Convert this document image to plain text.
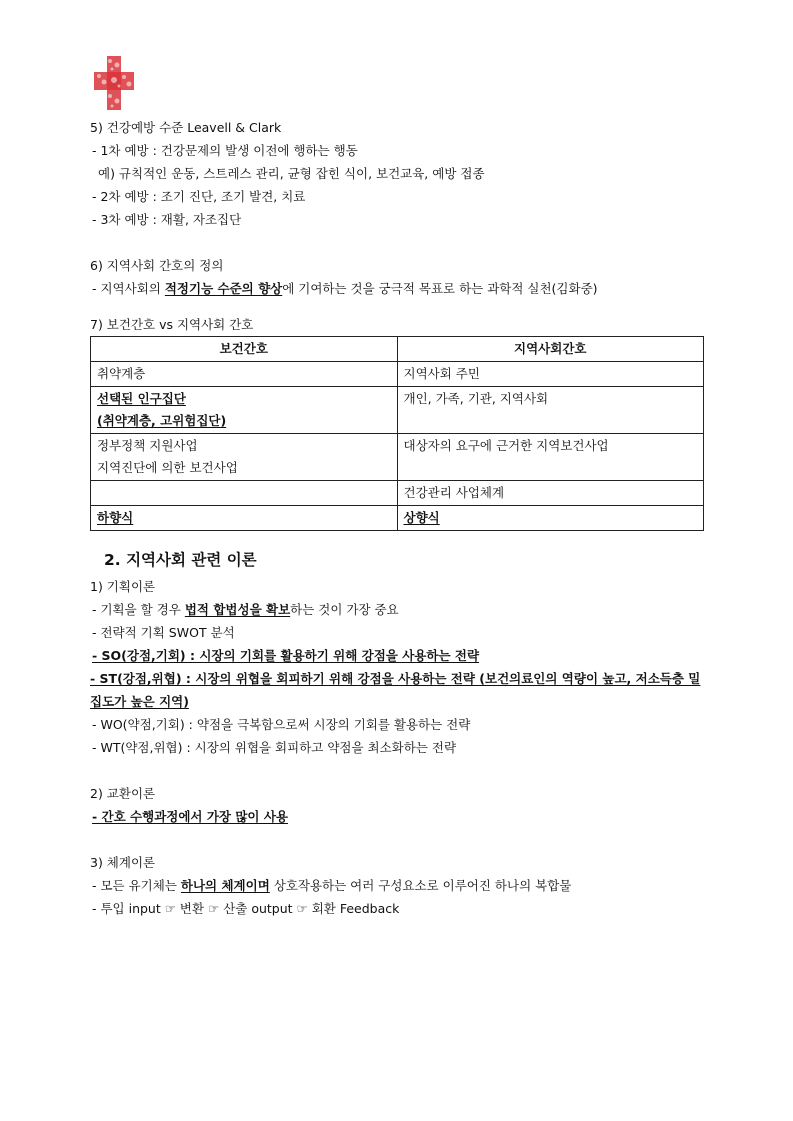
5) 건강예방 수준 Leavell & Clark
- 1차 예방 : 건강문제의 발생 이전에 행하는 행동
예) 규칙적인 운동, 스트레스 관리, 균형 잡힌 식이, 보건교육, 예방 접종
- 2차 예방 : 조기 진단, 조기 발견, 치료
- 3차 예방 : 재활, 자조집단
6) 지역사회 간호의 정의
- 지역사회의 적정기능 수준의 향상에 기여하는 것을 궁극적 목표로 하는 과학적 실천(김화중)
7) 보건간호 vs 지역사회 간호
보건간호	지역사회간호
취약계층	지역사회 주민

선택된 인구집단
(취약계층, 고위험집단)	개인, 가족, 기관, 지역사회

정부정책 지원사업
지역진단에 의한 보건사업	대상자의 요구에 근거한 지역보건사업
	건강관리 사업체계
하향식	상향식
2. 지역사회 관련 이론
1) 기획이론
- 기획을 할 경우 법적 합법성을 확보하는 것이 가장 중요
- 전략적 기획 SWOT 분석
- SO(강점,기회) : 시장의 기회를 활용하기 위해 강점을 사용하는 전략
- ST(강점,위협) : 시장의 위협을 회피하기 위해 강점을 사용하는 전략 (보건의료인의 역량이 높고, 저소득층 밀집도가 높은 지역)
- WO(약점,기회) : 약점을 극복함으로써 시장의 기회를 활용하는 전략
- WT(약점,위협) : 시장의 위협을 회피하고 약점을 최소화하는 전략
2) 교환이론
- 간호 수행과정에서 가장 많이 사용
3) 체계이론
- 모든 유기체는 하나의 체계이며 상호작용하는 여러 구성요소로 이루어진 하나의 복합물
- 투입 input ☞ 변환 ☞ 산출 output ☞ 회환 Feedback
